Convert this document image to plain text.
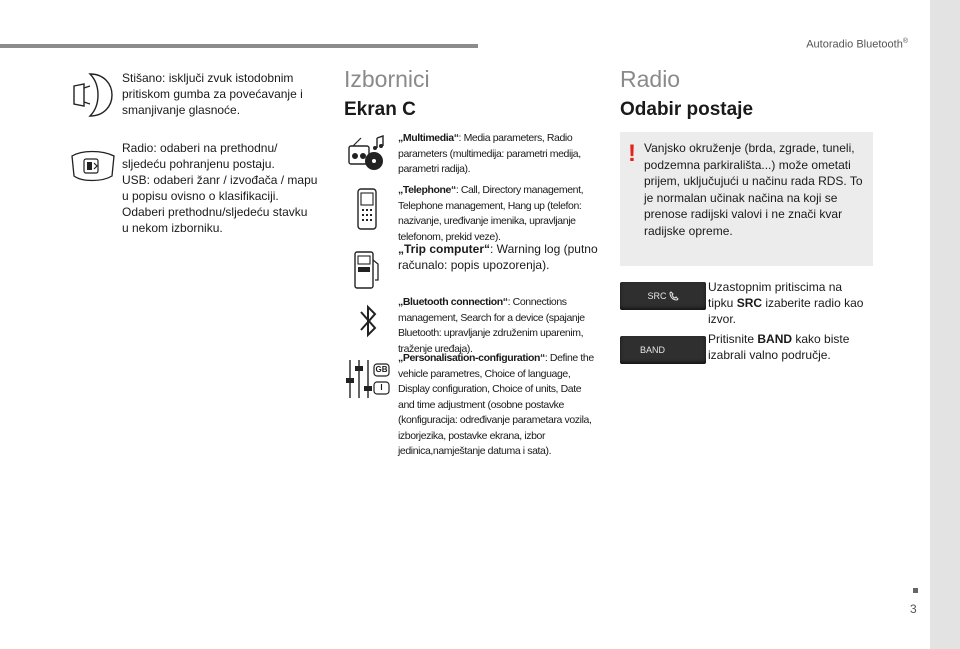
Autoradio Bluetooth®
3
Stišano: isključi zvuk istodobnim pritiskom gumba za povećavanje i smanjivanje glasnoće.
Radio: odaberi na prethodnu/
sljedeću pohranjenu postaju.
USB: odaberi žanr / izvođača / mapu
u popisu ovisno o klasifikaciji.
Odaberi prethodnu/sljedeću stavku
u nekom izborniku.
Izbornici
Ekran C
„Multimedia“: Media parameters, Radio parameters (multimedija: parametri medija, parametri radija).
„Telephone“: Call, Directory management, Telephone management, Hang up (telefon: nazivanje, uređivanje imenika, upravljanje telefonom, prekid veze).
„Trip computer“: Warning log (putno računalo: popis upozorenja).
„Bluetooth connection“: Connections management, Search for a device (spajanje Bluetooth: upravljanje združenim uparenim, traženje uređaja).
GB
I
„Personalisation-configuration“: Define the vehicle parametres, Choice of language, Display configuration, Choice of units, Date and time adjustment (osobne postavke (konfiguracija: određivanje parametara vozila, izborjezika, postavke ekrana, izbor jedinica,namještanje datuma i sata).
Radio
Odabir postaje
! Vanjsko okruženje (brda, zgrade, tuneli, podzemna parkirališta...) može ometati prijem, uključujući u načinu rada RDS. To je normalan učinak načina na koji se prenose radijski valovi i ne znači kvar radijske opreme.
SRC
Uzastopnim pritiscima na tipku SRC izaberite radio kao izvor.
BAND
Pritisnite BAND kako biste izabrali valno područje.
